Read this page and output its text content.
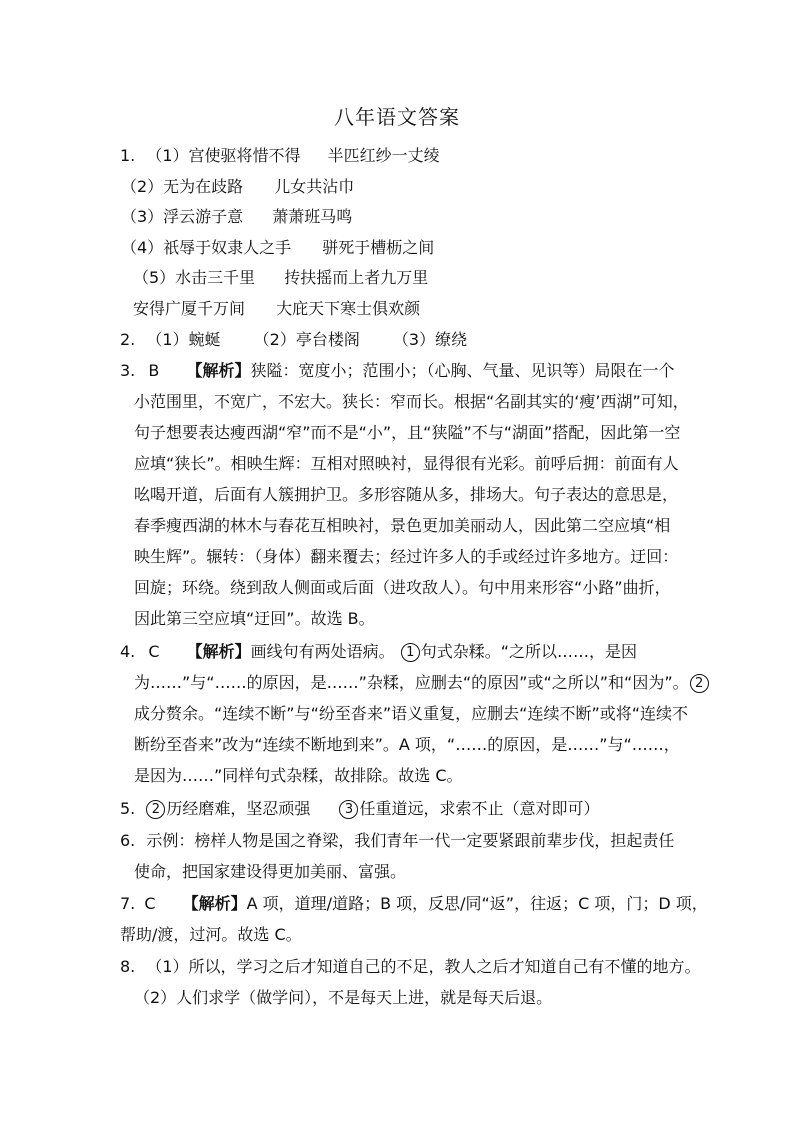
八年语文答案
1. （1）宫使驱将惜不得 半匹红纱一丈绫
（2）无为在歧路 儿女共沾巾
（3）浮云游子意 萧萧班马鸣
（4）祇辱于奴隶人之手 骈死于槽枥之间
（5）水击三千里 抟扶摇而上者九万里
安得广厦千万间 大庇天下寒士俱欢颜
2. （1）蜿蜒 （2）亭台楼阁 （3）缭绕
3. B 【解析】狭隘：宽度小；范围小；（心胸、气量、见识等）局限在一个
小范围里，不宽广，不宏大。狭长：窄而长。根据“名副其实的‘瘦’西湖”可知，
句子想要表达瘦西湖“窄”而不是“小”，且“狭隘”不与“湖面”搭配，因此第一空
应填“狭长”。相映生辉：互相对照映衬，显得很有光彩。前呼后拥：前面有人
吆喝开道，后面有人簇拥护卫。多形容随从多，排场大。句子表达的意思是，
春季瘦西湖的林木与春花互相映衬，景色更加美丽动人，因此第二空应填“相
映生辉”。辗转：（身体）翻来覆去；经过许多人的手或经过许多地方。迂回：
回旋；环绕。绕到敌人侧面或后面（进攻敌人）。句中用来形容“小路”曲折，
因此第三空应填“迂回”。故选 B。
4. C 【解析】画线句有两处语病。 1 句式杂糅。“之所以……，是因
为……”与“……的原因，是……”杂糅，应删去“的原因”或“之所以”和“因为”。 2
成分赘余。“连续不断”与“纷至沓来”语义重复，应删去“连续不断”或将“连续不
断纷至沓来”改为“连续不断地到来”。A 项，“……的原因，是……”与“……，
是因为……”同样句式杂糅，故排除。故选 C。
5. 2 历经磨难，坚忍顽强	3 任重道远，求索不止（意对即可）
6. 示例：榜样人物是国之脊梁，我们青年一代一定要紧跟前辈步伐，担起责任
使命，把国家建设得更加美丽、富强。
7. C 【解析】A 项，道理/道路；B 项，反思/同“返”，往返；C 项，门；D 项，
帮助/渡，过河。故选 C。
8. （1）所以，学习之后才知道自己的不足，教人之后才知道自己有不懂的地方。
（2）人们求学（做学问），不是每天上进，就是每天后退。
